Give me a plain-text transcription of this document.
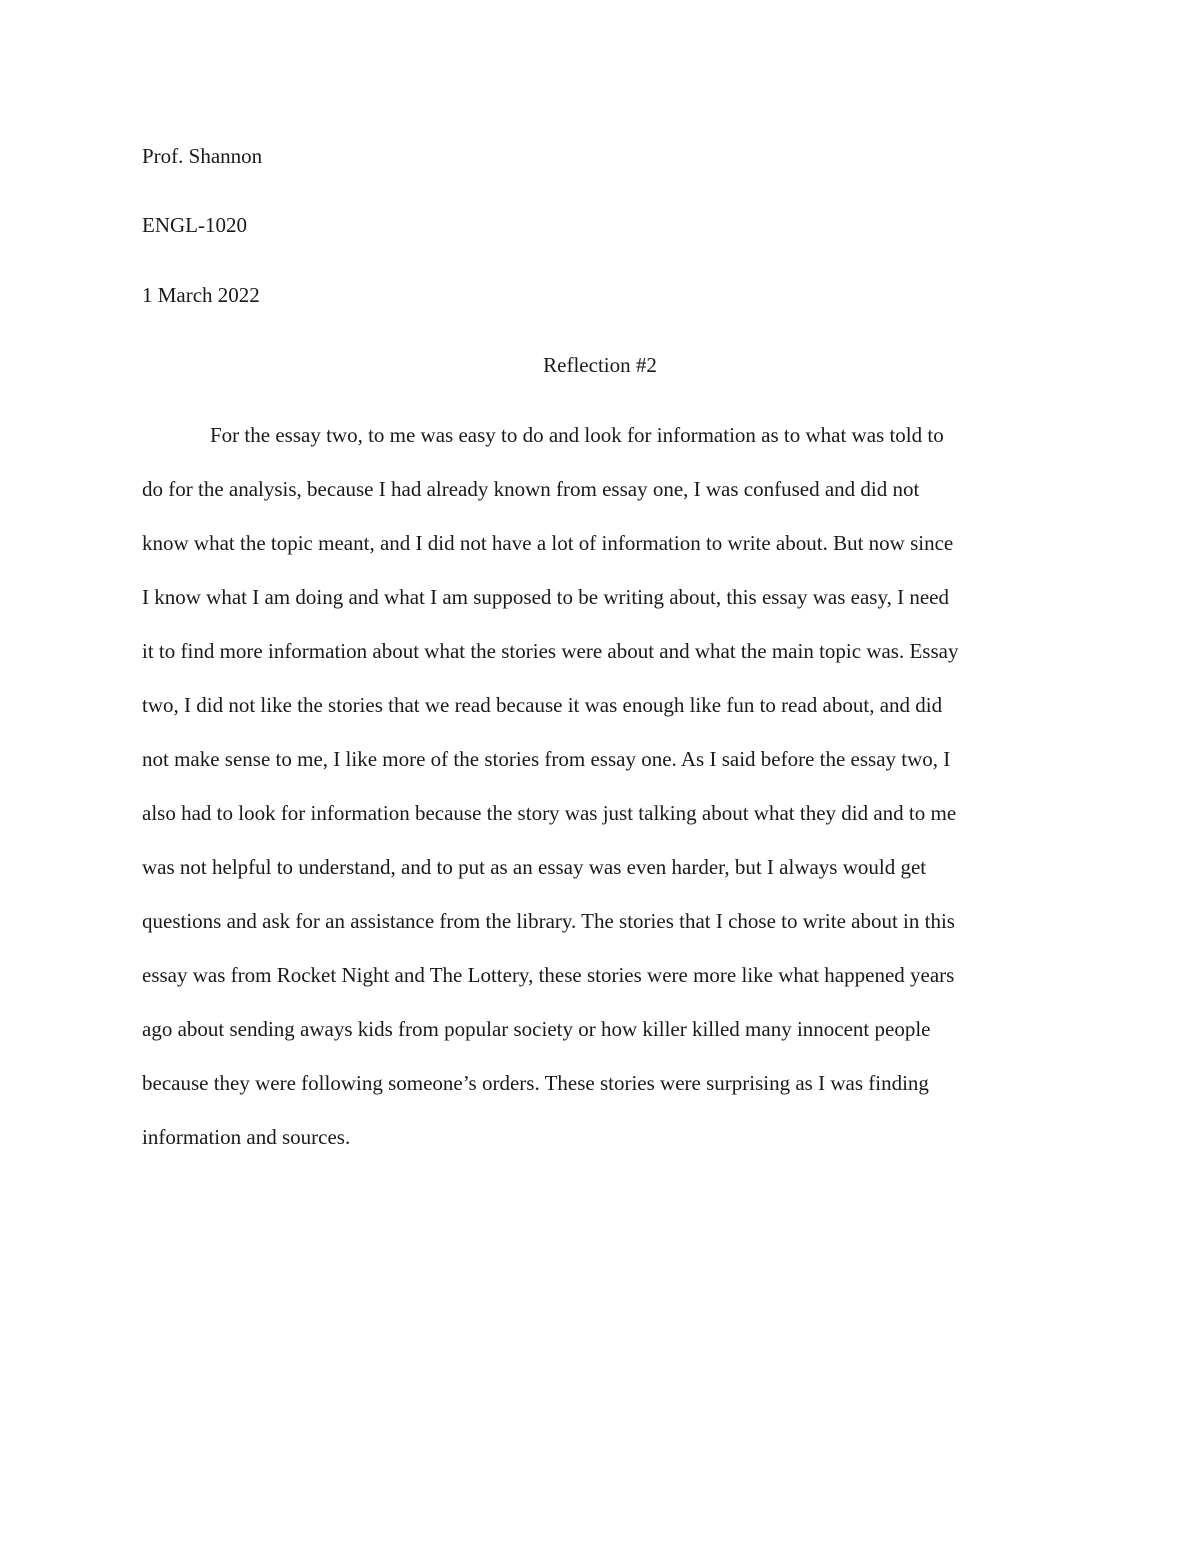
Prof. Shannon
ENGL-1020
1 March 2022
Reflection #2
For the essay two, to me was easy to do and look for information as to what was told to
do for the analysis, because I had already known from essay one, I was confused and did not
know what the topic meant, and I did not have a lot of information to write about. But now since
I know what I am doing and what I am supposed to be writing about, this essay was easy, I need
it to find more information about what the stories were about and what the main topic was. Essay
two, I did not like the stories that we read because it was enough like fun to read about, and did
not make sense to me, I like more of the stories from essay one. As I said before the essay two, I
also had to look for information because the story was just talking about what they did and to me
was not helpful to understand, and to put as an essay was even harder, but I always would get
questions and ask for an assistance from the library. The stories that I chose to write about in this
essay was from Rocket Night and The Lottery, these stories were more like what happened years
ago about sending aways kids from popular society or how killer killed many innocent people
because they were following someone’s orders. These stories were surprising as I was finding
information and sources.
